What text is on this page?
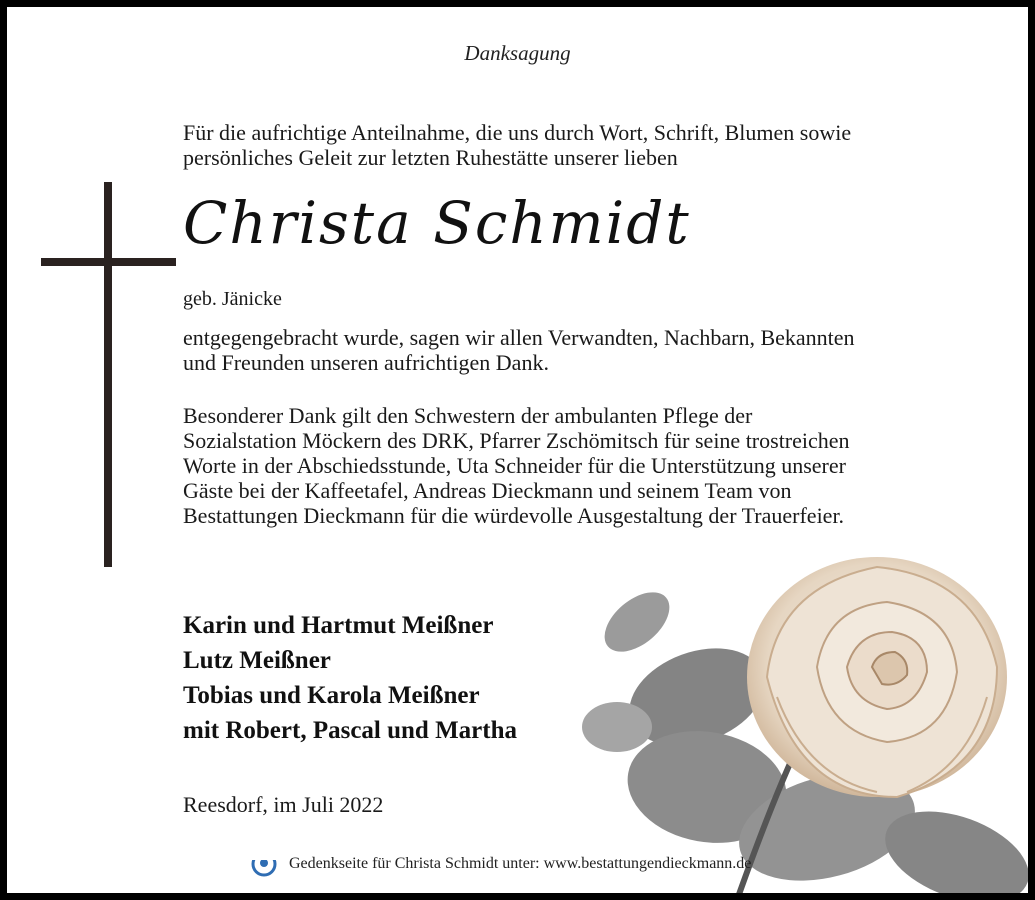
Danksagung
Für die aufrichtige Anteilnahme, die uns durch Wort, Schrift, Blumen sowie
persönliches Geleit zur letzten Ruhestätte unserer lieben
Christa Schmidt
geb. Jänicke
entgegengebracht wurde, sagen wir allen Verwandten, Nachbarn, Bekannten
und Freunden unseren aufrichtigen Dank.
Besonderer Dank gilt den Schwestern der ambulanten Pflege der
Sozialstation Möckern des DRK, Pfarrer Zschömitsch für seine trostreichen
Worte in der Abschiedsstunde, Uta Schneider für die Unterstützung unserer
Gäste bei der Kaffeetafel, Andreas Dieckmann und seinem Team von
Bestattungen Dieckmann für die würdevolle Ausgestaltung der Trauerfeier.
Karin und Hartmut Meißner
Lutz Meißner
Tobias und Karola Meißner
mit Robert, Pascal und Martha
Reesdorf, im Juli 2022
Gedenkseite für Christa Schmidt unter: www.bestattungendieckmann.de
